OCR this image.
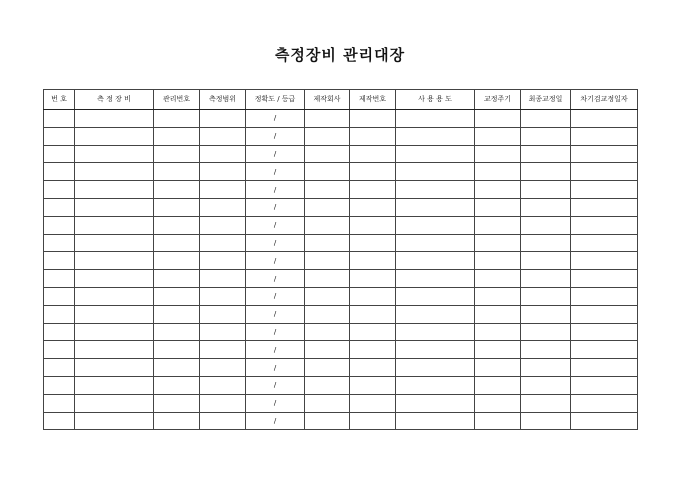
측정장비 관리대장
번 호	측 정 장 비	관리번호	측정범위	정확도 / 등급	제작회사	제작번호	사 용 용 도	교정주기	최종교정일	차기검교정일자
				/						
				/						
				/						
				/						
				/						
				/						
				/						
				/						
				/						
				/						
				/						
				/						
				/						
				/						
				/						
				/						
				/						
				/						
